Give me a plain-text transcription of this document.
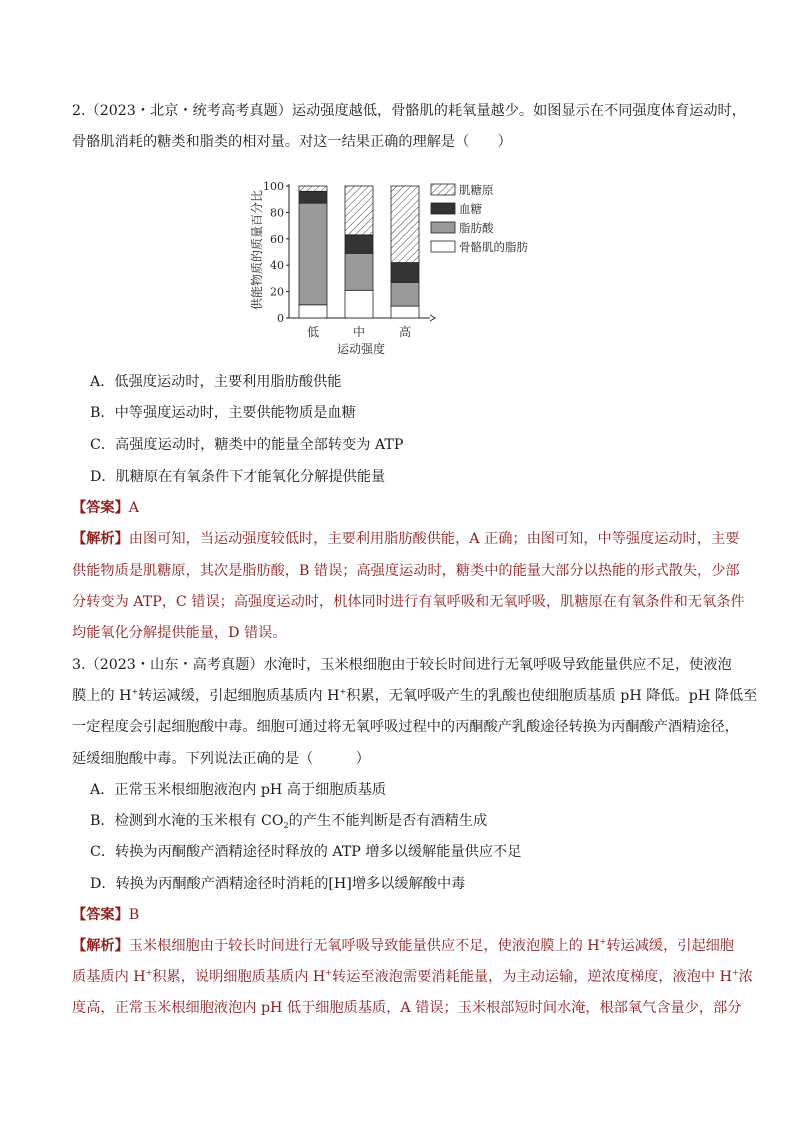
2.（2023・北京・统考高考真题）运动强度越低，骨骼肌的耗氧量越少。如图显示在不同强度体育运动时，
骨骼肌消耗的糖类和脂类的相对量。对这一结果正确的理解是（　　）
供能物质的质量百分比
0
20
40
60
80
100
低	中	高
运动强度
肌糖原
血糖
脂肪酸
骨骼肌的脂肪
A．低强度运动时，主要利用脂肪酸供能
B．中等强度运动时，主要供能物质是血糖
C．高强度运动时，糖类中的能量全部转变为 ATP
D．肌糖原在有氧条件下才能氧化分解提供能量
【答案】A
【解析】由图可知，当运动强度较低时，主要利用脂肪酸供能，A 正确；由图可知，中等强度运动时，主要
供能物质是肌糖原，其次是脂肪酸，B 错误；高强度运动时，糖类中的能量大部分以热能的形式散失，少部
分转变为 ATP，C 错误；高强度运动时，机体同时进行有氧呼吸和无氧呼吸，肌糖原在有氧条件和无氧条件
均能氧化分解提供能量，D 错误。
3.（2023・山东・高考真题）水淹时，玉米根细胞由于较长时间进行无氧呼吸导致能量供应不足，使液泡
膜上的 H+转运减缓，引起细胞质基质内 H+积累，无氧呼吸产生的乳酸也使细胞质基质 pH 降低。pH 降低至
一定程度会引起细胞酸中毒。细胞可通过将无氧呼吸过程中的丙酮酸产乳酸途径转换为丙酮酸产酒精途径，
延缓细胞酸中毒。下列说法正确的是（　　　）
A．正常玉米根细胞液泡内 pH 高于细胞质基质
B．检测到水淹的玉米根有 $CO_2$的产生不能判断是否有酒精生成
C．转换为丙酮酸产酒精途径时释放的 ATP 增多以缓解能量供应不足
D．转换为丙酮酸产酒精途径时消耗的[H]增多以缓解酸中毒
【答案】B
【解析】玉米根细胞由于较长时间进行无氧呼吸导致能量供应不足，使液泡膜上的 H+转运减缓，引起细胞
质基质内 H+积累，说明细胞质基质内 H+转运至液泡需要消耗能量，为主动运输，逆浓度梯度，液泡中 H+浓
度高，正常玉米根细胞液泡内 pH 低于细胞质基质，A 错误；玉米根部短时间水淹，根部氧气含量少，部分
